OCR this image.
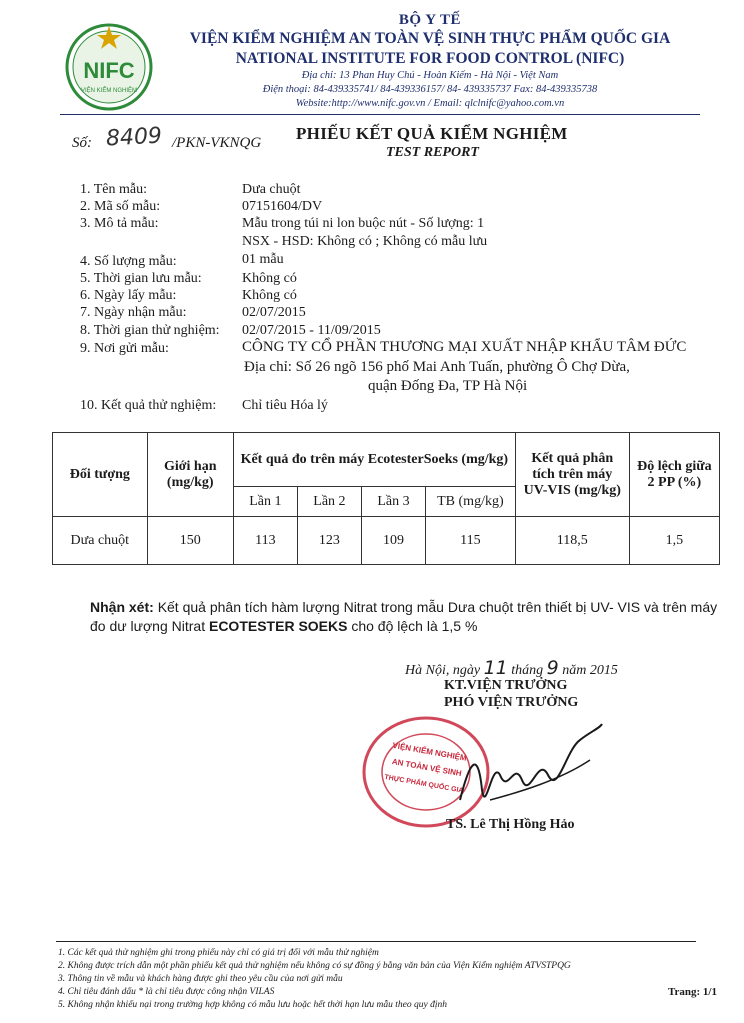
NIFC
VIỆN KIỂM NGHIỆM
BỘ Y TẾ
VIỆN KIỂM NGHIỆM AN TOÀN VỆ SINH THỰC PHẨM QUỐC GIA
NATIONAL INSTITUTE FOR FOOD CONTROL (NIFC)
Địa chỉ: 13 Phan Huy Chú - Hoàn Kiếm - Hà Nội - Việt Nam
Điện thoại: 84-439335741/ 84-439336157/ 84- 439335737 Fax: 84-439335738
Website:http://www.nifc.gov.vn / Email: qlclnifc@yahoo.com.vn
Số: 8409 /PKN-VKNQG PHIẾU KẾT QUẢ KIỂM NGHIỆM
TEST REPORT
1. Tên mẫu:	Dưa chuột
2. Mã số mẫu:	07151604/DV
3. Mô tả mẫu:	Mẫu trong túi ni lon buộc nút - Số lượng: 1
NSX - HSD: Không có ; Không có mẫu lưu
4. Số lượng mẫu:	01 mẫu
5. Thời gian lưu mẫu:	Không có
6. Ngày lấy mẫu:	Không có
7. Ngày nhận mẫu:	02/07/2015
8. Thời gian thử nghiệm: 02/07/2015 - 11/09/2015
9. Nơi gửi mẫu:	CÔNG TY CỔ PHẦN THƯƠNG MẠI XUẤT NHẬP KHẨU TÂM ĐỨC
Địa chỉ: Số 26 ngõ 156 phố Mai Anh Tuấn, phường Ô Chợ Dừa,
quận Đống Đa, TP Hà Nội
10. Kết quả thử nghiệm: Chỉ tiêu Hóa lý
Đối tượng	Giới hạn (mg/kg)	Kết quả đo trên máy EcotesterSoeks (mg/kg)				Kết quả phân tích trên máy UV-VIS (mg/kg)	Độ lệch giữa 2 PP (%)
		Lần 1	Lần 2	Lần 3	TB (mg/kg)		
Dưa chuột	150	113	123	109	115	118,5	1,5
Nhận xét: Kết quả phân tích hàm lượng Nitrat trong mẫu Dưa chuột trên thiết bị UV- VIS và trên máy đo dư lượng Nitrat ECOTESTER SOEKS cho độ lệch là 1,5 %
Hà Nội, ngày 11 tháng 9 năm 2015
KT.VIỆN TRƯỞNG
PHÓ VIỆN TRƯỞNG
VIỆN KIỂM NGHIỆM
AN TOÀN VỆ SINH
THỰC PHẨM QUỐC GIA
TS. Lê Thị Hồng Hảo
1. Các kết quả thử nghiệm ghi trong phiếu này chỉ có giá trị đối với mẫu thử nghiệm
2. Không được trích dẫn một phần phiếu kết quả thử nghiệm nếu không có sự đồng ý bằng văn bản của Viện Kiểm nghiệm ATVSTPQG
3. Thông tin về mẫu và khách hàng được ghi theo yêu cầu của nơi gửi mẫu
4. Chỉ tiêu đánh dấu * là chỉ tiêu được công nhận VILAS
5. Không nhận khiếu nại trong trường hợp không có mẫu lưu hoặc hết thời hạn lưu mẫu theo quy định
Trang: 1/1
